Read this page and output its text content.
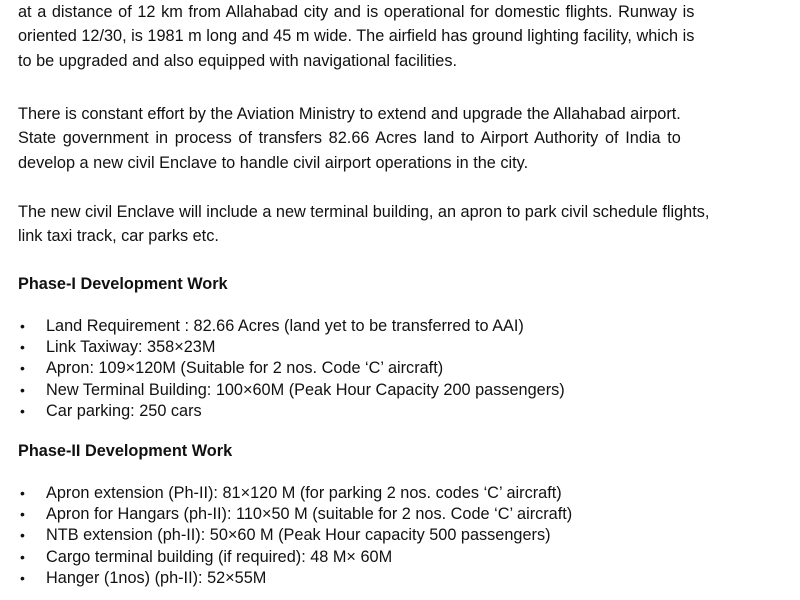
at a distance of 12 km from Allahabad city and is operational for domestic flights. Runway is
oriented 12/30, is 1981 m long and 45 m wide. The airfield has ground lighting facility, which is
to be upgraded and also equipped with navigational facilities.

There is constant effort by the Aviation Ministry to extend and upgrade the Allahabad airport.
State government in process of transfers 82.66 Acres land to Airport Authority of India to
develop a new civil Enclave to handle civil airport operations in the city.

The new civil Enclave will include a new terminal building, an apron to park civil schedule flights,
link taxi track, car parks etc.

Phase-I Development Work
• Land Requirement : 82.66 Acres (land yet to be transferred to AAI)
• Link Taxiway: 358×23M
• Apron: 109×120M (Suitable for 2 nos. Code ‘C’ aircraft)
• New Terminal Building: 100×60M (Peak Hour Capacity 200 passengers)
• Car parking: 250 cars
Phase-II Development Work
• Apron extension (Ph-II): 81×120 M (for parking 2 nos. codes ‘C’ aircraft)
• Apron for Hangars (ph-II): 110×50 M (suitable for 2 nos. Code ‘C’ aircraft)
• NTB extension (ph-II): 50×60 M (Peak Hour capacity 500 passengers)
• Cargo terminal building (if required): 48 M× 60M
• Hanger (1nos) (ph-II): 52×55M
